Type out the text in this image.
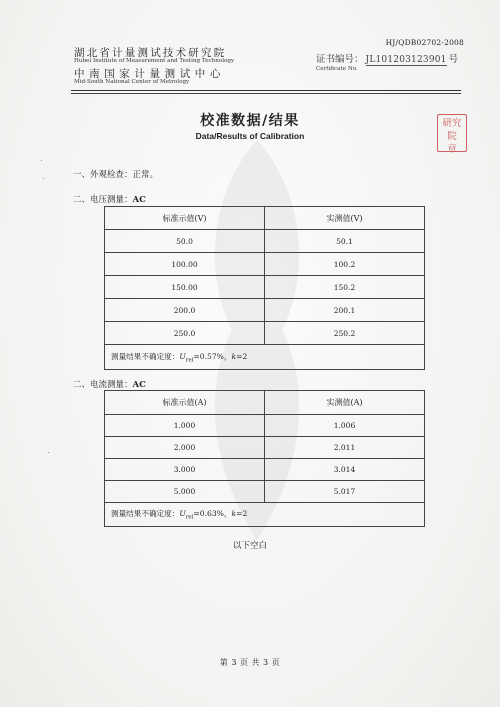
HJ/QDB02702-2008
湖北省计量测试技术研究院
Hubei Institute of Measurement and Testing Technology
中南国家计量测试中心
Mid-South National Center of Metrology
证书编号： JL101203123901 号
Certificate No.
校准数据/结果
Data/Results of Calibration
研究院
章
一、外观检查：正常。
二、电压测量：AC
标准示值(V)	实测值(V)
50.0	50.1
100.00	100.2
150.00	150.2
200.0	200.1
250.0	250.2
测量结果不确定度：$U_{rel}=0.57\%$，k=2	
二、电流测量：AC
标准示值(A)	实测值(A)
1.000	1.006
2.000	2.011
3.000	3.014
5.000	5.017
测量结果不确定度：$U_{rel}=0.63\%$，k=2	
以下空白
第 3 页 共 3 页
